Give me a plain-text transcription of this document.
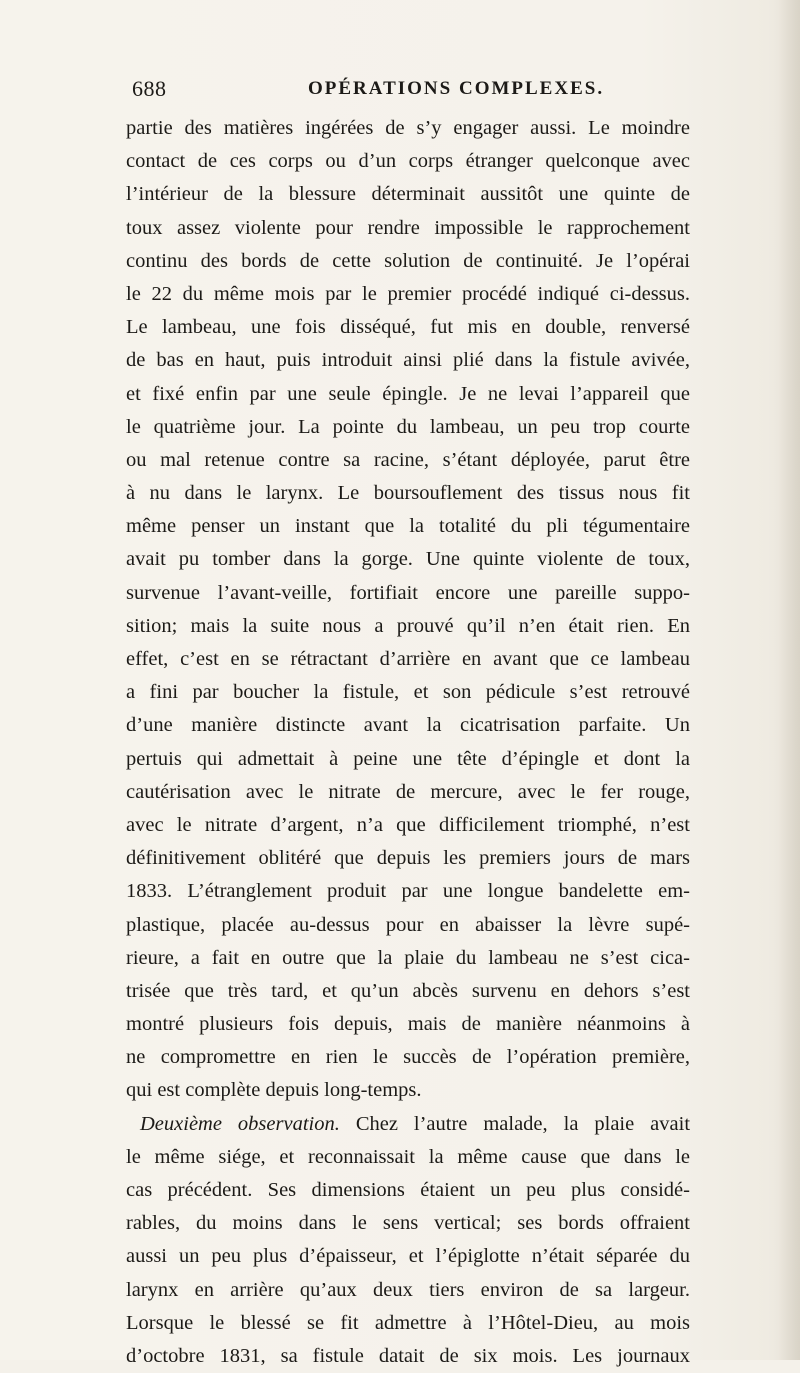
688	OPÉRATIONS COMPLEXES.
partie des matières ingérées de s’y engager aussi. Le moindre
contact de ces corps ou d’un corps étranger quelconque avec
l’intérieur de la blessure déterminait aussitôt une quinte de
toux assez violente pour rendre impossible le rapprochement
continu des bords de cette solution de continuité. Je l’opérai
le 22 du même mois par le premier procédé indiqué ci-dessus.
Le lambeau, une fois disséqué, fut mis en double, renversé
de bas en haut, puis introduit ainsi plié dans la fistule avivée,
et fixé enfin par une seule épingle. Je ne levai l’appareil que
le quatrième jour. La pointe du lambeau, un peu trop courte
ou mal retenue contre sa racine, s’étant déployée, parut être
à nu dans le larynx. Le boursouflement des tissus nous fit
même penser un instant que la totalité du pli tégumentaire
avait pu tomber dans la gorge. Une quinte violente de toux,
survenue l’avant-veille, fortifiait encore une pareille suppo-
sition; mais la suite nous a prouvé qu’il n’en était rien. En
effet, c’est en se rétractant d’arrière en avant que ce lambeau
a fini par boucher la fistule, et son pédicule s’est retrouvé
d’une manière distincte avant la cicatrisation parfaite. Un
pertuis qui admettait à peine une tête d’épingle et dont la
cautérisation avec le nitrate de mercure, avec le fer rouge,
avec le nitrate d’argent, n’a que difficilement triomphé, n’est
définitivement oblitéré que depuis les premiers jours de mars
1833. L’étranglement produit par une longue bandelette em-
plastique, placée au-dessus pour en abaisser la lèvre supé-
rieure, a fait en outre que la plaie du lambeau ne s’est cica-
trisée que très tard, et qu’un abcès survenu en dehors s’est
montré plusieurs fois depuis, mais de manière néanmoins à
ne compromettre en rien le succès de l’opération première,
qui est complète depuis long-temps.
Deuxième observation. Chez l’autre malade, la plaie avait
le même siége, et reconnaissait la même cause que dans le
cas précédent. Ses dimensions étaient un peu plus considé-
rables, du moins dans le sens vertical; ses bords offraient
aussi un peu plus d’épaisseur, et l’épiglotte n’était séparée du
larynx en arrière qu’aux deux tiers environ de sa largeur.
Lorsque le blessé se fit admettre à l’Hôtel-Dieu, au mois
d’octobre 1831, sa fistule datait de six mois. Les journaux
